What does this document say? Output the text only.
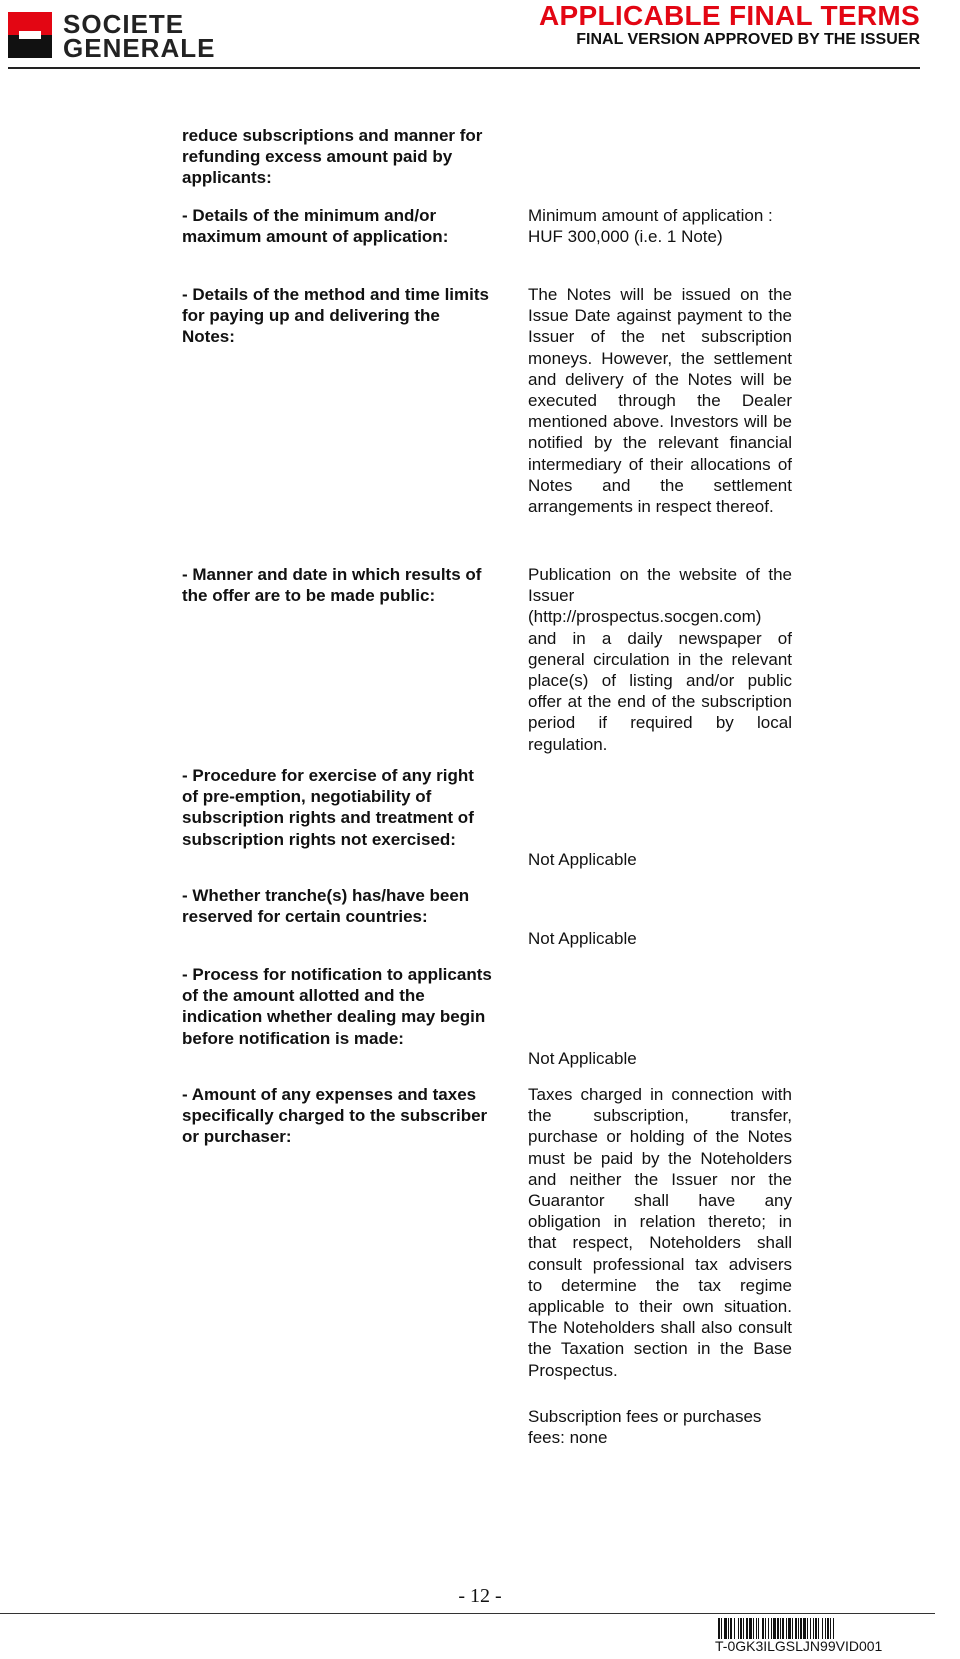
SOCIETE
GENERALE
APPLICABLE FINAL TERMS
FINAL VERSION APPROVED BY THE ISSUER

reduce subscriptions and manner for refunding excess amount paid by applicants:

- Details of the minimum and/or maximum amount of application:

Minimum amount of application : HUF 300,000 (i.e. 1 Note)

- Details of the method and time limits for paying up and delivering the Notes:

The Notes will be issued on the Issue Date against payment to the Issuer of the net subscription moneys. However, the settlement and delivery of the Notes will be executed through the Dealer mentioned above. Investors will be notified by the relevant financial intermediary of their allocations of Notes and the settlement arrangements in respect thereof.

- Manner and date in which results of the offer are to be made public:

Publication on the website of the Issuer (http://prospectus.socgen.com) and in a daily newspaper of general circulation in the relevant place(s) of listing and/or public offer at the end of the subscription period if required by local regulation.

- Procedure for exercise of any right of pre-emption, negotiability of subscription rights and treatment of subscription rights not exercised:

Not Applicable

- Whether tranche(s) has/have been reserved for certain countries:

Not Applicable

- Process for notification to applicants of the amount allotted and the indication whether dealing may begin before notification is made:

Not Applicable

- Amount of any expenses and taxes specifically charged to the subscriber or purchaser:

Taxes charged in connection with the subscription, transfer, purchase or holding of the Notes must be paid by the Noteholders and neither the Issuer nor the Guarantor shall have any obligation in relation thereto; in that respect, Noteholders shall consult professional tax advisers to determine the tax regime applicable to their own situation. The Noteholders shall also consult the Taxation section in the Base Prospectus.

Subscription fees or purchases fees: none

- 12 -
T-0GK3ILGSLJN99VID001
